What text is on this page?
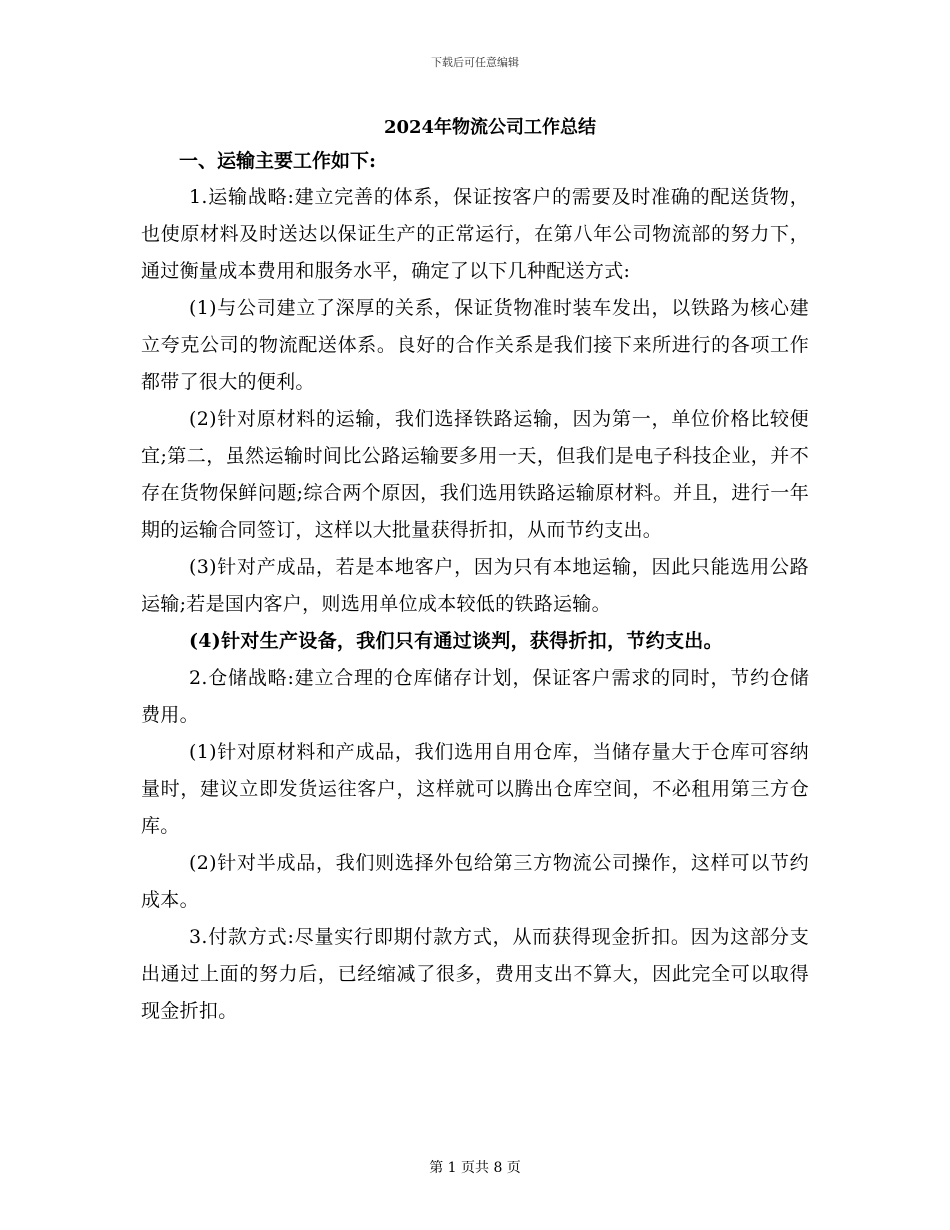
下载后可任意编辑
2024年物流公司工作总结
一、运输主要工作如下:

1.运输战略:建立完善的体系，保证按客户的需要及时准确的配送货物，也使原材料及时送达以保证生产的正常运行，在第八年公司物流部的努力下，通过衡量成本费用和服务水平，确定了以下几种配送方式:

(1)与公司建立了深厚的关系，保证货物准时装车发出，以铁路为核心建立夸克公司的物流配送体系。良好的合作关系是我们接下来所进行的各项工作都带了很大的便利。

(2)针对原材料的运输，我们选择铁路运输，因为第一，单位价格比较便宜;第二，虽然运输时间比公路运输要多用一天，但我们是电子科技企业，并不存在货物保鲜问题;综合两个原因，我们选用铁路运输原材料。并且，进行一年期的运输合同签订，这样以大批量获得折扣，从而节约支出。

(3)针对产成品，若是本地客户，因为只有本地运输，因此只能选用公路运输;若是国内客户，则选用单位成本较低的铁路运输。

(4)针对生产设备，我们只有通过谈判，获得折扣，节约支出。

2.仓储战略:建立合理的仓库储存计划，保证客户需求的同时，节约仓储费用。

(1)针对原材料和产成品，我们选用自用仓库，当储存量大于仓库可容纳量时，建议立即发货运往客户，这样就可以腾出仓库空间，不必租用第三方仓库。

(2)针对半成品，我们则选择外包给第三方物流公司操作，这样可以节约成本。

3.付款方式:尽量实行即期付款方式，从而获得现金折扣。因为这部分支出通过上面的努力后，已经缩减了很多，费用支出不算大，因此完全可以取得现金折扣。

第 1 页共 8 页
